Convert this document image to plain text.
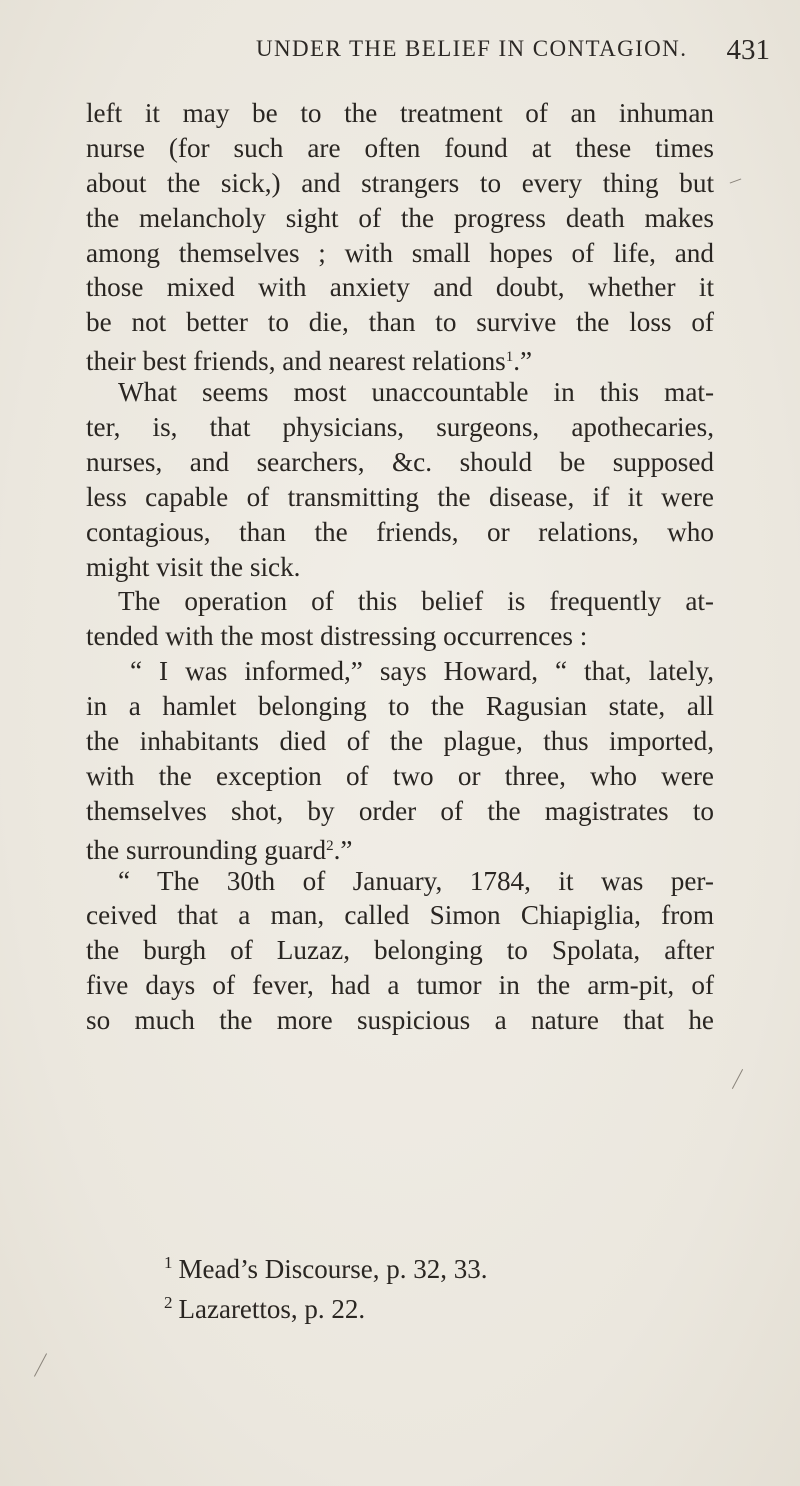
UNDER THE BELIEF IN CONTAGION. 431
left it may be to the treatment of an inhuman
nurse (for such are often found at these times
about the sick,) and strangers to every thing but
the melancholy sight of the progress death makes
among themselves ; with small hopes of life, and
those mixed with anxiety and doubt, whether it
be not better to die, than to survive the loss of
their best friends, and nearest relations$^1$.”
What seems most unaccountable in this mat-
ter, is, that physicians, surgeons, apothecaries,
nurses, and searchers, &c. should be supposed
less capable of transmitting the disease, if it were
contagious, than the friends, or relations, who
might visit the sick.
The operation of this belief is frequently at-
tended with the most distressing occurrences :
“ I was informed,” says Howard, “ that, lately,
in a hamlet belonging to the Ragusian state, all
the inhabitants died of the plague, thus imported,
with the exception of two or three, who were
themselves shot, by order of the magistrates to
the surrounding guard$^2$.”
“ The 30th of January, 1784, it was per-
ceived that a man, called Simon Chiapiglia, from
the burgh of Luzaz, belonging to Spolata, after
five days of fever, had a tumor in the arm-pit, of
so much the more suspicious a nature that he
$^1$ Mead’s Discourse, p. 32, 33.
$^2$ Lazarettos, p. 22.
